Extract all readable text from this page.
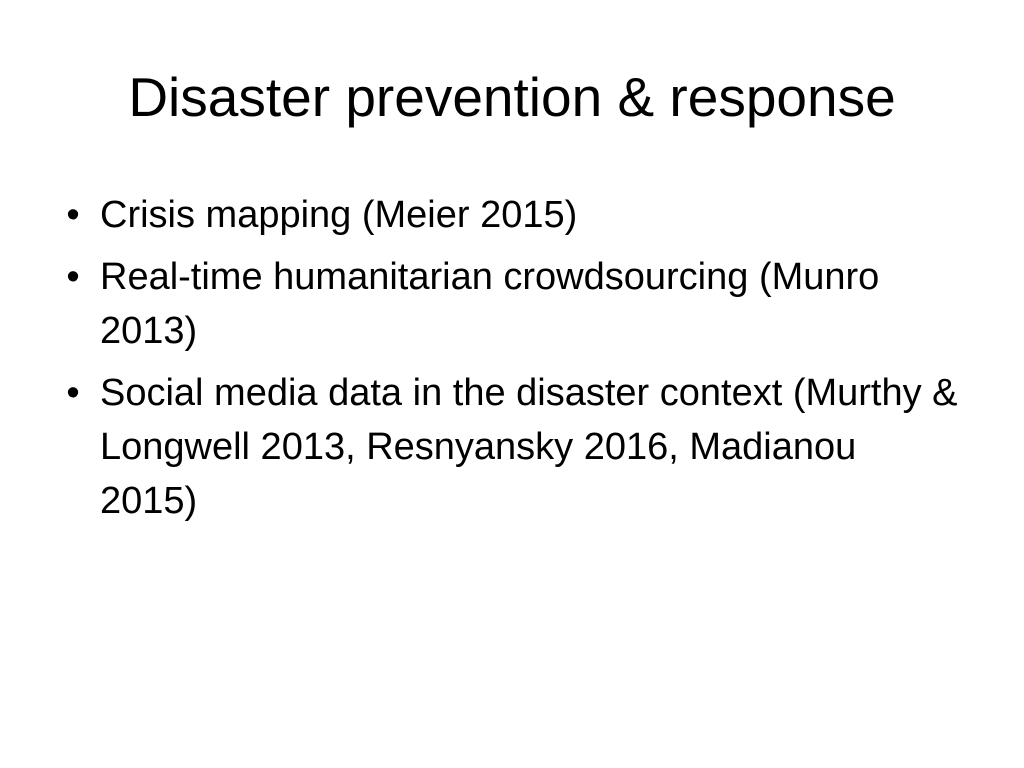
Disaster prevention & response
• Crisis mapping (Meier 2015)
• Real-time humanitarian crowdsourcing (Munro 2013)
• Social media data in the disaster context (Murthy & Longwell 2013, Resnyansky 2016, Madianou 2015)
